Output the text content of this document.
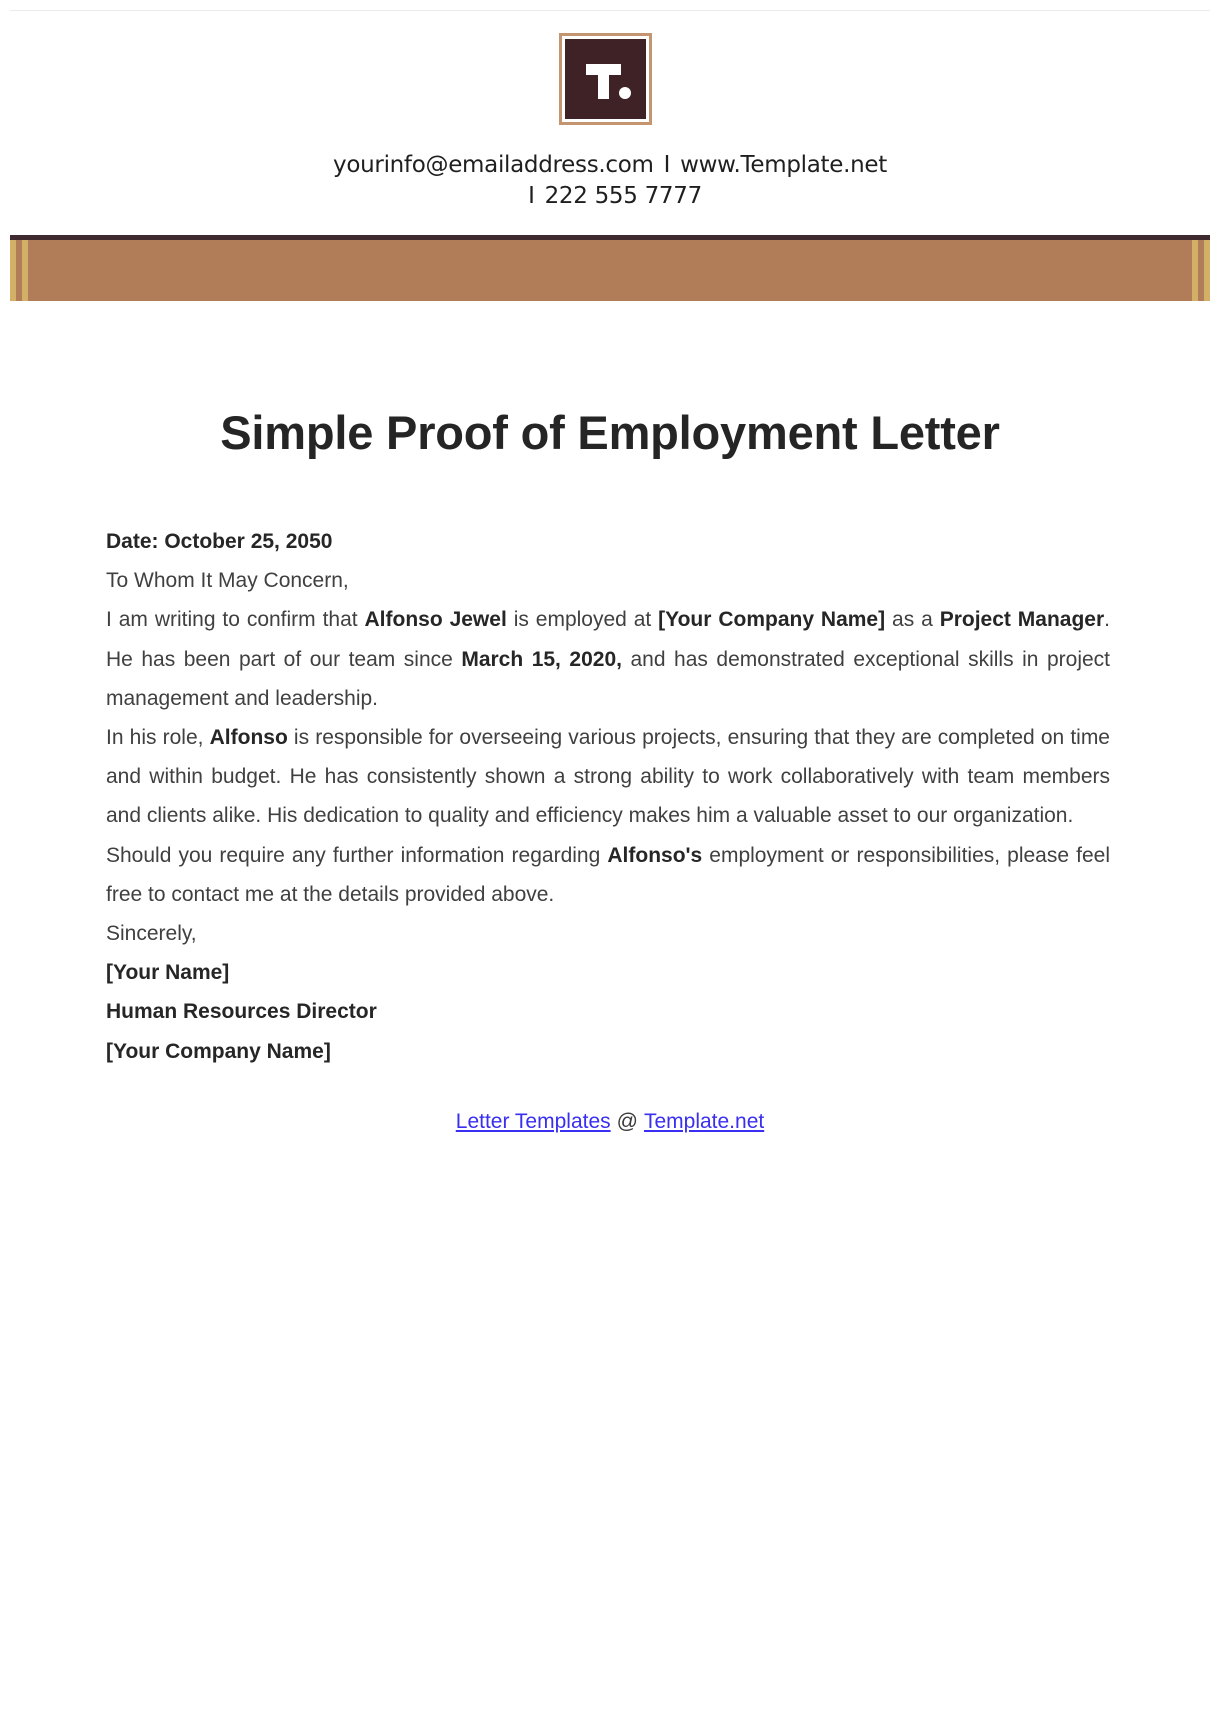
yourinfo@emailaddress.com I www.Template.net
I 222 555 7777
Simple Proof of Employment Letter
Date: October 25, 2050
To Whom It May Concern,

I am writing to confirm that Alfonso Jewel is employed at [Your Company Name] as a Project Manager. He has been part of our team since March 15, 2020, and has demonstrated exceptional skills in project management and leadership.

In his role, Alfonso is responsible for overseeing various projects, ensuring that they are completed on time and within budget. He has consistently shown a strong ability to work collaboratively with team members and clients alike. His dedication to quality and efficiency makes him a valuable asset to our organization.

Should you require any further information regarding Alfonso's employment or responsibilities, please feel free to contact me at the details provided above.

Sincerely,
[Your Name]
Human Resources Director
[Your Company Name]
Letter Templates @ Template.net
